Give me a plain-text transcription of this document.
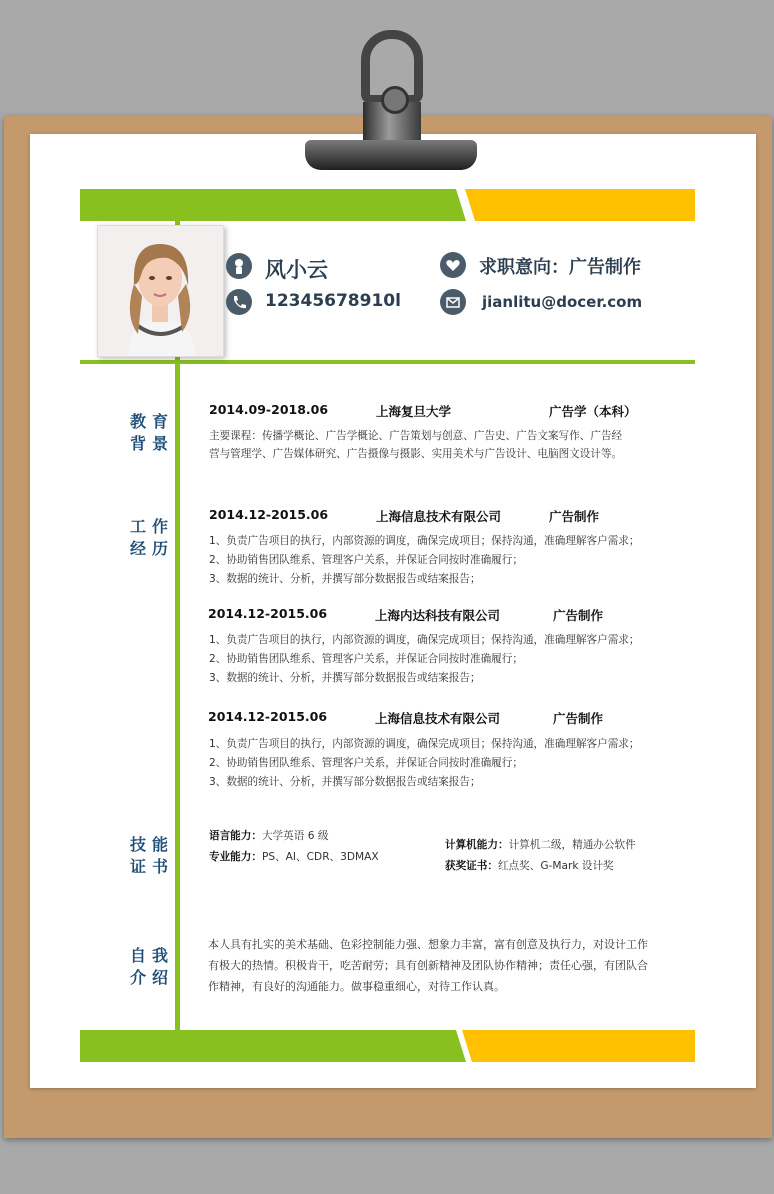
风小云
12345678910l
求职意向：广告制作
jianlitu@docer.com
教 育
背 景
工 作
经 历
技 能
证 书
自 我
介 绍
2014.09-2018.06	上海复旦大学	广告学（本科）
主要课程：传播学概论、广告学概论、广告策划与创意、广告史、广告文案写作、广告经
营与管理学、广告媒体研究、广告摄像与摄影、实用美术与广告设计、电脑图文设计等。
2014.12-2015.06	上海信息技术有限公司	广告制作
1、负责广告项目的执行，内部资源的调度，确保完成项目；保持沟通，准确理解客户需求；
2、协助销售团队维系、管理客户关系，并保证合同按时准确履行；
3、数据的统计、分析，并撰写部分数据报告或结案报告；
2014.12-2015.06	上海内达科技有限公司	广告制作
1、负责广告项目的执行，内部资源的调度，确保完成项目；保持沟通，准确理解客户需求；
2、协助销售团队维系、管理客户关系，并保证合同按时准确履行；
3、数据的统计、分析，并撰写部分数据报告或结案报告；
2014.12-2015.06	上海信息技术有限公司	广告制作
1、负责广告项目的执行，内部资源的调度，确保完成项目；保持沟通，准确理解客户需求；
2、协助销售团队维系、管理客户关系，并保证合同按时准确履行；
3、数据的统计、分析，并撰写部分数据报告或结案报告；
语言能力：大学英语 6 级
专业能力：PS、AI、CDR、3DMAX
计算机能力：计算机二级，精通办公软件
获奖证书：红点奖、G-Mark 设计奖
本人具有扎实的美术基础、色彩控制能力强、想象力丰富，富有创意及执行力，对设计工作有极大的热情。积极肯干，吃苦耐劳；具有创新精神及团队协作精神；责任心强，有团队合作精神，有良好的沟通能力。做事稳重细心，对待工作认真。
